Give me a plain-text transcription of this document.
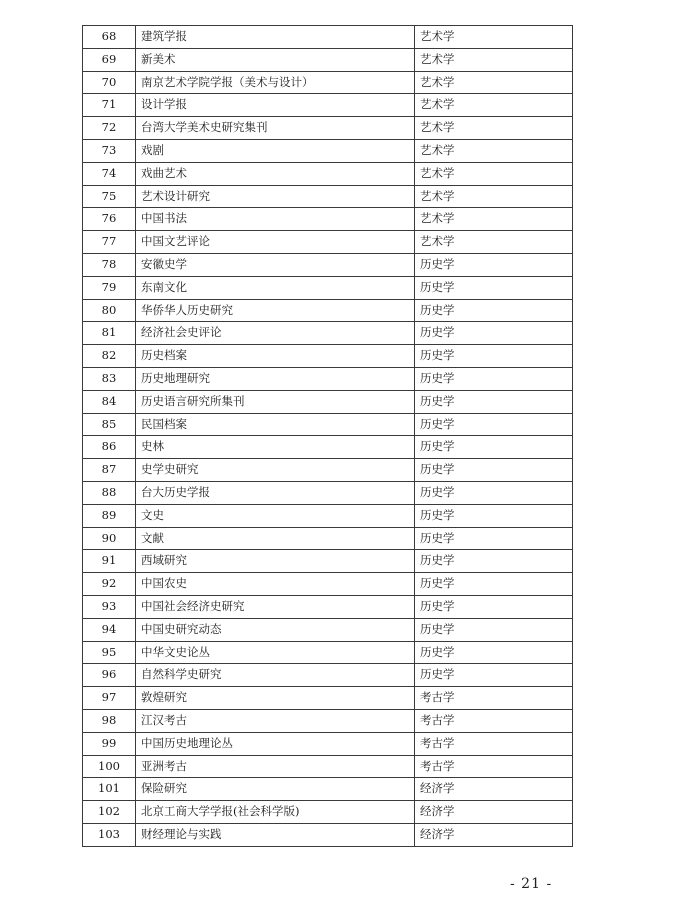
68	建筑学报	艺术学
69	新美术	艺术学
70	南京艺术学院学报（美术与设计）	艺术学
71	设计学报	艺术学
72	台湾大学美术史研究集刊	艺术学
73	戏剧	艺术学
74	戏曲艺术	艺术学
75	艺术设计研究	艺术学
76	中国书法	艺术学
77	中国文艺评论	艺术学
78	安徽史学	历史学
79	东南文化	历史学
80	华侨华人历史研究	历史学
81	经济社会史评论	历史学
82	历史档案	历史学
83	历史地理研究	历史学
84	历史语言研究所集刊	历史学
85	民国档案	历史学
86	史林	历史学
87	史学史研究	历史学
88	台大历史学报	历史学
89	文史	历史学
90	文献	历史学
91	西域研究	历史学
92	中国农史	历史学
93	中国社会经济史研究	历史学
94	中国史研究动态	历史学
95	中华文史论丛	历史学
96	自然科学史研究	历史学
97	敦煌研究	考古学
98	江汉考古	考古学
99	中国历史地理论丛	考古学
100	亚洲考古	考古学
101	保险研究	经济学
102	北京工商大学学报(社会科学版)	经济学
103	财经理论与实践	经济学
- 21 -
